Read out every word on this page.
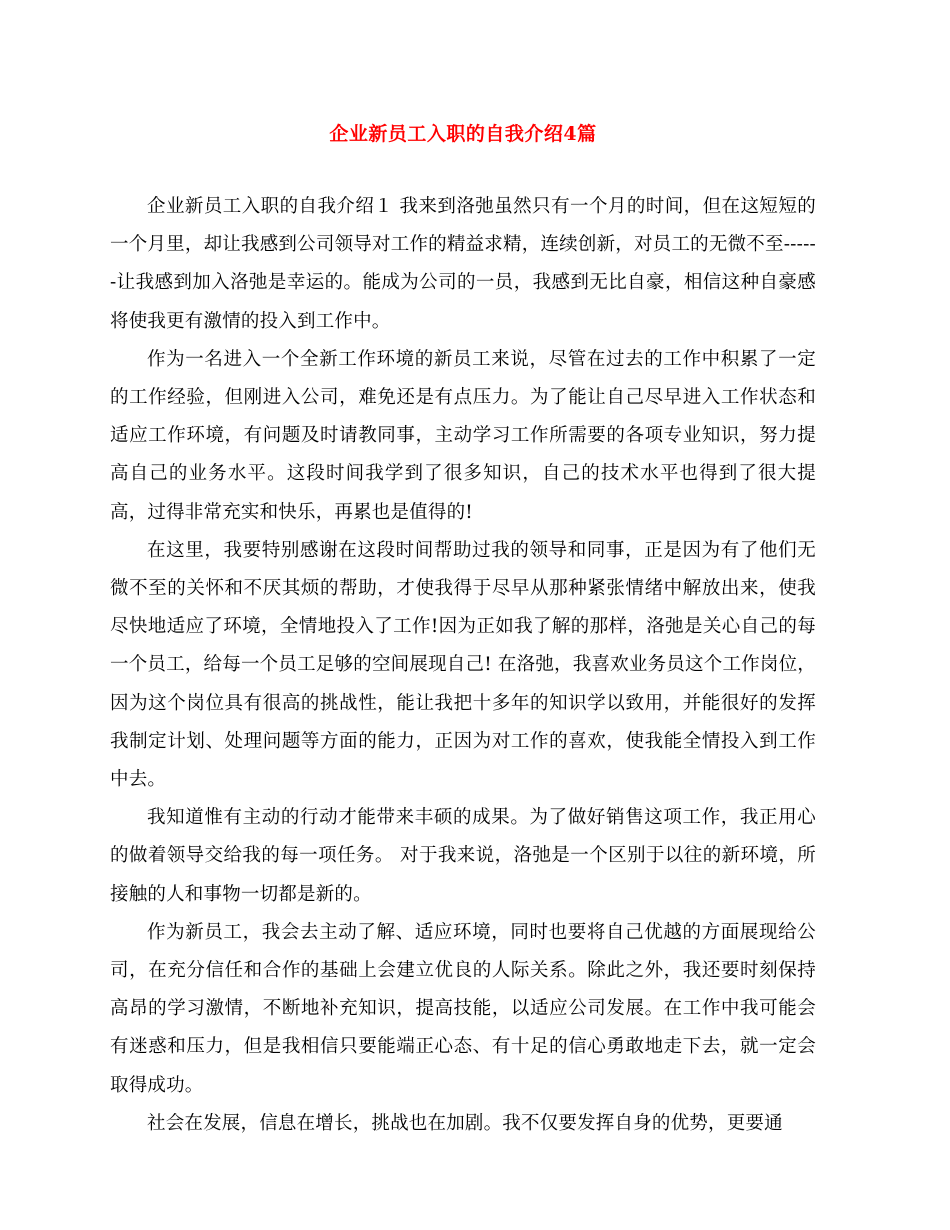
企业新员工入职的自我介绍4篇

企业新员工入职的自我介绍１ 我来到洛弛虽然只有一个月的时间，但在这短短的一个月里，却让我感到公司领导对工作的精益求精，连续创新，对员工的无微不至------让我感到加入洛弛是幸运的。能成为公司的一员，我感到无比自豪，相信这种自豪感将使我更有激情的投入到工作中。

作为一名进入一个全新工作环境的新员工来说，尽管在过去的工作中积累了一定的工作经验，但刚进入公司，难免还是有点压力。为了能让自己尽早进入工作状态和适应工作环境，有问题及时请教同事，主动学习工作所需要的各项专业知识，努力提高自己的业务水平。这段时间我学到了很多知识，自己的技术水平也得到了很大提高，过得非常充实和快乐，再累也是值得的!

在这里，我要特别感谢在这段时间帮助过我的领导和同事，正是因为有了他们无微不至的关怀和不厌其烦的帮助，才使我得于尽早从那种紧张情绪中解放出来，使我尽快地适应了环境，全情地投入了工作!因为正如我了解的那样，洛弛是关心自己的每一个员工，给每一个员工足够的空间展现自己! 在洛弛，我喜欢业务员这个工作岗位，因为这个岗位具有很高的挑战性，能让我把十多年的知识学以致用，并能很好的发挥我制定计划、处理问题等方面的能力，正因为对工作的喜欢，使我能全情投入到工作中去。

我知道惟有主动的行动才能带来丰硕的成果。为了做好销售这项工作，我正用心的做着领导交给我的每一项任务。 对于我来说，洛弛是一个区别于以往的新环境，所接触的人和事物一切都是新的。

作为新员工，我会去主动了解、适应环境，同时也要将自己优越的方面展现给公司，在充分信任和合作的基础上会建立优良的人际关系。除此之外，我还要时刻保持高昂的学习激情，不断地补充知识，提高技能，以适应公司发展。在工作中我可能会有迷惑和压力，但是我相信只要能端正心态、有十足的信心勇敢地走下去，就一定会取得成功。

社会在发展，信息在增长，挑战也在加剧。我不仅要发挥自身的优势，更要通
